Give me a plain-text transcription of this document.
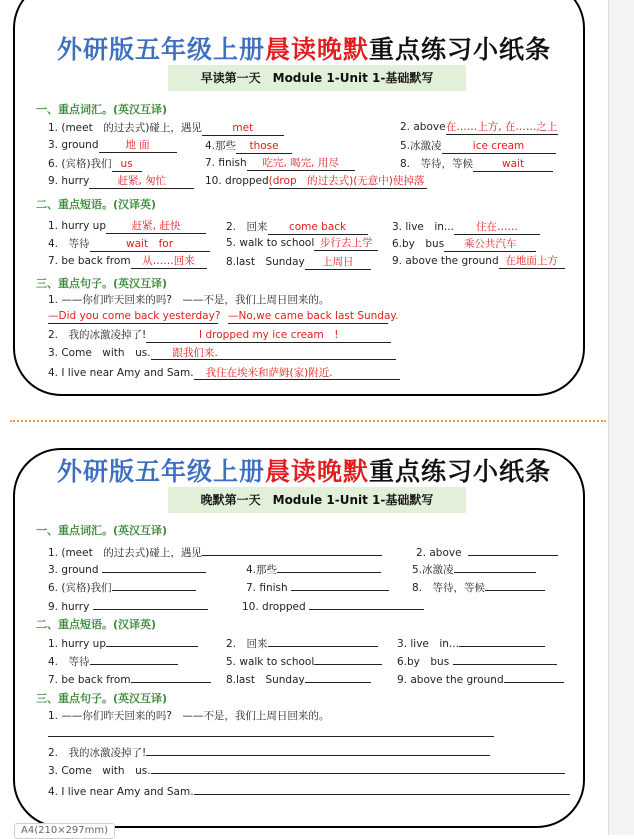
外研版五年级上册晨读晚默重点练习小纸条
早读第一天　Module 1-Unit 1-基础默写
一、重点词汇。(英汉互译)
1. (meet　的过去式)碰上，遇见	met	2. above在……上方, 在……之上
3. ground	地 面	4.那些 those	5.冰激凌	ice cream
6. (宾格)我们 us	7. finish 吃完, 喝完, 用尽	8.　等待，等候	wait
9. hurry	赶紧, 匆忙	10. dropped(drop　的过去式)(无意中)使掉落
二、重点短语。(汉译英)
1. hurry up 赶紧, 赶快	2.　回来 come back	3. live　in... 住在……
4.　等待	wait　for	5. walk to school 步行去上学	6.by　bus 乘公共汽车
7. be back from 从……回来	8.last　Sunday 上周日	9. above the ground 在地面上方
三、重点句子。(英汉互译)
1. ——你们昨天回来的吗?　——不是，我们上周日回来的。
—Did you come back yesterday? —No,we came back last Sunday.
2.　我的冰激凌掉了!	I dropped my ice cream　!
3. Come　with　us. 跟我们来.
4. I live near Amy and Sam. 我住在埃米和萨姆(家)附近.
外研版五年级上册晨读晚默重点练习小纸条
晚默第一天　Module 1-Unit 1-基础默写
一、重点词汇。(英汉互译)
1. (meet　的过去式)碰上，遇见	2. above
3. ground	4.那些	5.冰激凌
6. (宾格)我们	7. finish	8.　等待，等候
9. hurry	10. dropped
二、重点短语。(汉译英)
1. hurry up	2.　回来	3. live　in...
4.　等待	5. walk to school	6.by　bus
7. be back from	8.last　Sunday	9. above the ground
三、重点句子。(英汉互译)
1. ——你们昨天回来的吗?　——不是，我们上周日回来的。
2.　我的冰激凌掉了!
3. Come　with　us.
4. I live near Amy and Sam.
A4(210×297mm)
